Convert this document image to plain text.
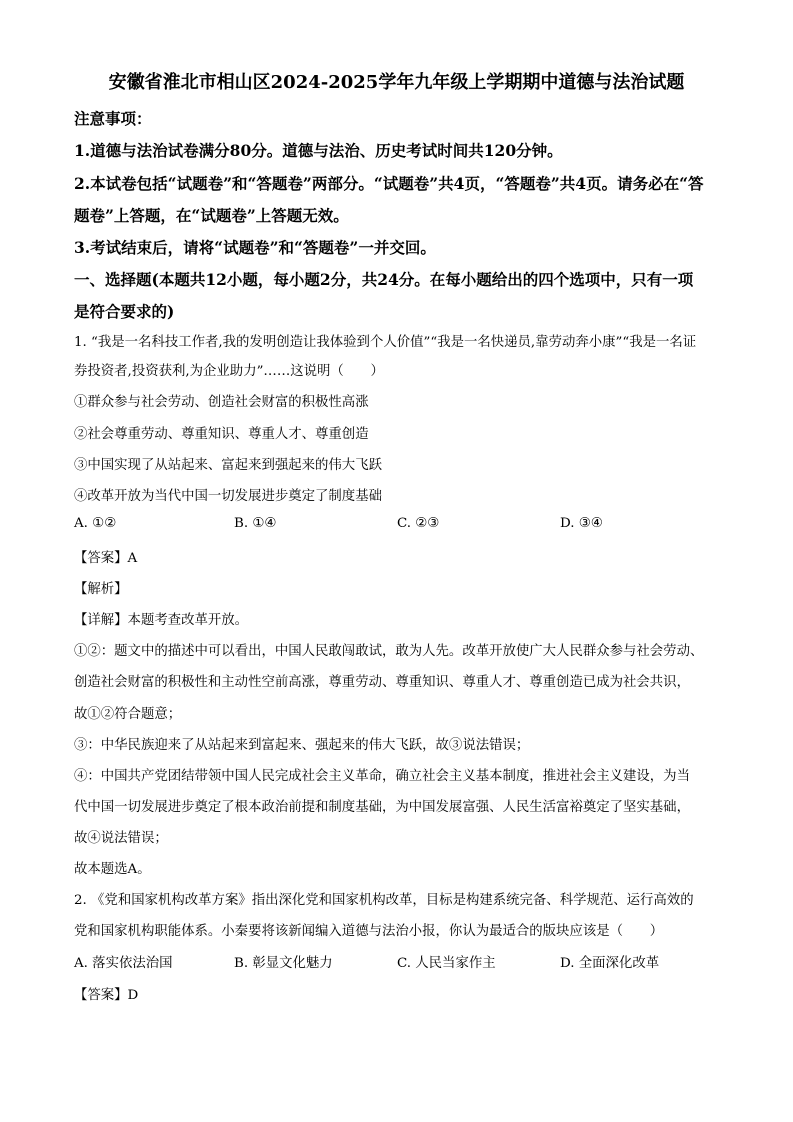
安徽省淮北市相山区2024-2025学年九年级上学期期中道德与法治试题
注意事项：
1.道德与法治试卷满分80分。道德与法治、历史考试时间共120分钟。
2.本试卷包括“试题卷”和“答题卷”两部分。“试题卷”共4页，“答题卷”共4页。请务必在“答
题卷”上答题，在“试题卷”上答题无效。
3.考试结束后，请将“试题卷”和“答题卷”一并交回。
一、选择题(本题共12小题，每小题2分，共24分。在每小题给出的四个选项中，只有一项
是符合要求的)
1. “我是一名科技工作者,我的发明创造让我体验到个人价值”“我是一名快递员,靠劳动奔小康”“我是一名证
券投资者,投资获利,为企业助力”……这说明（　　）
①群众参与社会劳动、创造社会财富的积极性高涨
②社会尊重劳动、尊重知识、尊重人才、尊重创造
③中国实现了从站起来、富起来到强起来的伟大飞跃
④改革开放为当代中国一切发展进步奠定了制度基础
A. ①②	B. ①④	C. ②③	D. ③④
【答案】A
【解析】
【详解】本题考查改革开放。
①②：题文中的描述中可以看出，中国人民敢闯敢试，敢为人先。改革开放使广大人民群众参与社会劳动、
创造社会财富的积极性和主动性空前高涨，尊重劳动、尊重知识、尊重人才、尊重创造已成为社会共识，
故①②符合题意；
③：中华民族迎来了从站起来到富起来、强起来的伟大飞跃，故③说法错误；
④：中国共产党团结带领中国人民完成社会主义革命，确立社会主义基本制度，推进社会主义建设，为当
代中国一切发展进步奠定了根本政治前提和制度基础，为中国发展富强、人民生活富裕奠定了坚实基础，
故④说法错误；
故本题选A。
2. 《党和国家机构改革方案》指出深化党和国家机构改革，目标是构建系统完备、科学规范、运行高效的
党和国家机构职能体系。小秦要将该新闻编入道德与法治小报，你认为最适合的版块应该是（　　）
A. 落实依法治国	B. 彰显文化魅力	C. 人民当家作主	D. 全面深化改革
【答案】D
